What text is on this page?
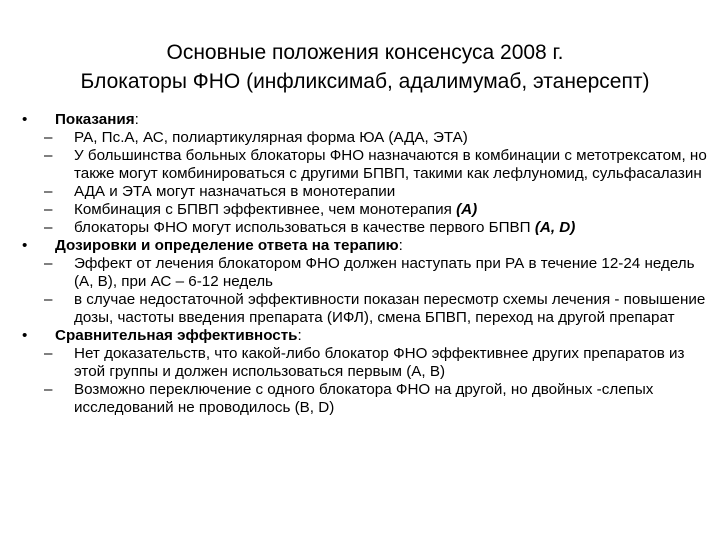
Основные положения консенсуса 2008 г.
Блокаторы ФНО (инфликсимаб, адалимумаб, этанерсепт)
•	Показания:
– РА, Пс.А, АС, полиартикулярная форма ЮА (АДА, ЭТА)
– У большинства больных блокаторы ФНО назначаются в комбинации с метотрексатом, но также могут комбинироваться с другими БПВП, такими как лефлуномид, сульфасалазин
– АДА и ЭТА могут назначаться в монотерапии
– Комбинация с БПВП эффективнее, чем монотерапия (A)
– блокаторы ФНО могут использоваться в качестве первого БПВП (A, D)
•	Дозировки и определение ответа на терапию:
– Эффект от лечения блокатором ФНО должен наступать при РА в течение 12-24 недель (A, B), при АС – 6-12 недель
– в случае недостаточной эффективности показан пересмотр схемы лечения - повышение дозы, частоты введения препарата (ИФЛ), смена БПВП, переход на другой препарат
•	Сравнительная эффективность:
– Нет доказательств, что какой-либо блокатор ФНО эффективнее других препаратов из этой группы и должен использоваться первым (A, B)
– Возможно переключение с одного блокатора ФНО на другой, но двойных -слепых исследований не проводилось (B, D)
